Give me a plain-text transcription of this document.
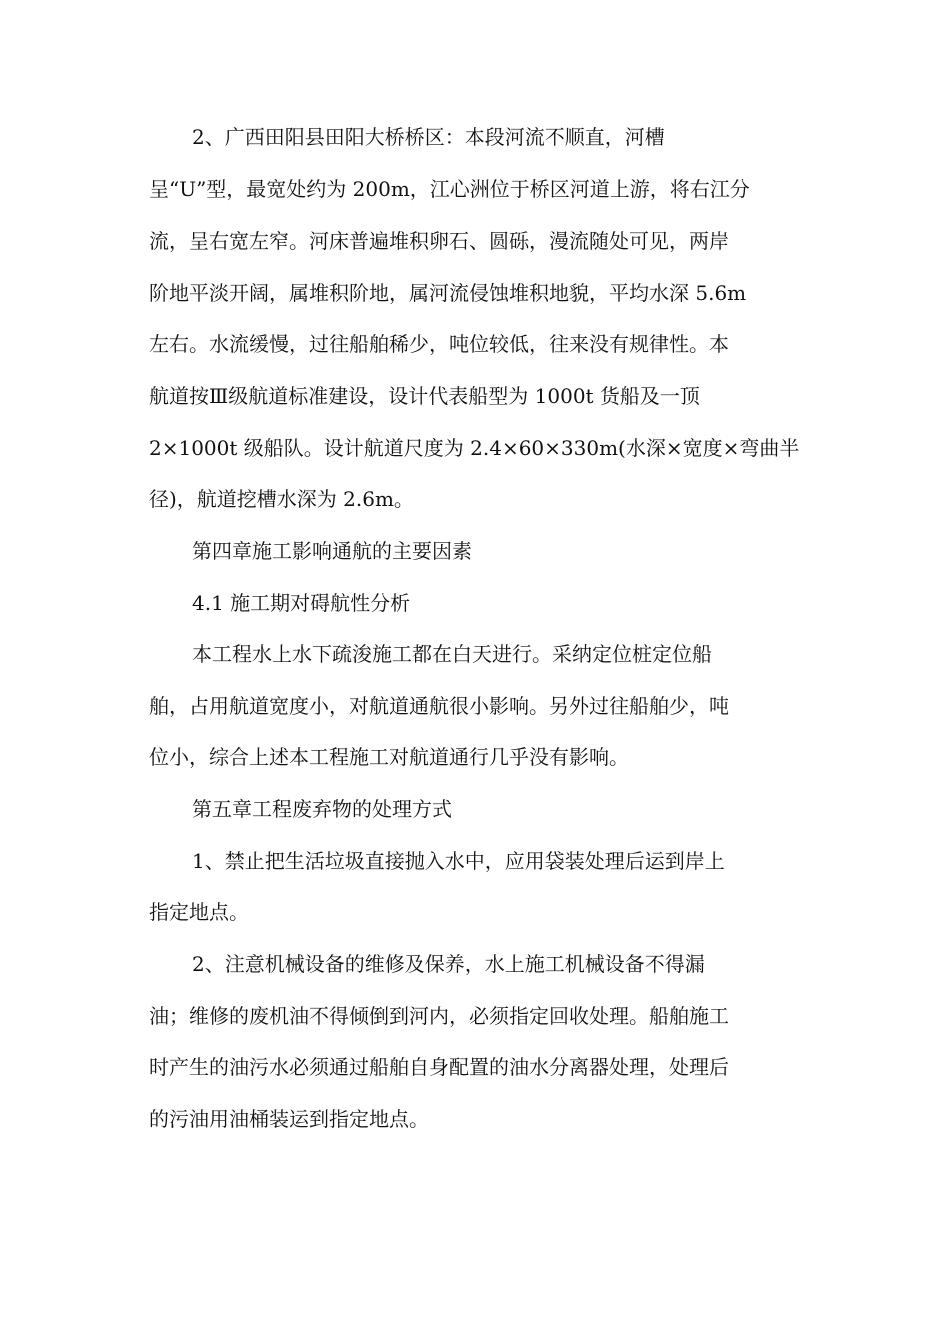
2、广西田阳县田阳大桥桥区：本段河流不顺直，河槽
呈“U”型，最宽处约为 200m，江心洲位于桥区河道上游，将右江分
流，呈右宽左窄。河床普遍堆积卵石、圆砾，漫流随处可见，两岸
阶地平淡开阔，属堆积阶地，属河流侵蚀堆积地貌，平均水深 5.6m
左右。水流缓慢，过往船舶稀少，吨位较低，往来没有规律性。本
航道按Ⅲ级航道标准建设，设计代表船型为 1000t 货船及一顶
2×1000t 级船队。设计航道尺度为 2.4×60×330m(水深×宽度×弯曲半
径)，航道挖槽水深为 2.6m。
第四章施工影响通航的主要因素
4.1 施工期对碍航性分析
本工程水上水下疏浚施工都在白天进行。采纳定位桩定位船
舶，占用航道宽度小，对航道通航很小影响。另外过往船舶少，吨
位小，综合上述本工程施工对航道通行几乎没有影响。
第五章工程废弃物的处理方式
1、禁止把生活垃圾直接抛入水中，应用袋装处理后运到岸上
指定地点。
2、注意机械设备的维修及保养，水上施工机械设备不得漏
油；维修的废机油不得倾倒到河内，必须指定回收处理。船舶施工
时产生的油污水必须通过船舶自身配置的油水分离器处理，处理后
的污油用油桶装运到指定地点。
